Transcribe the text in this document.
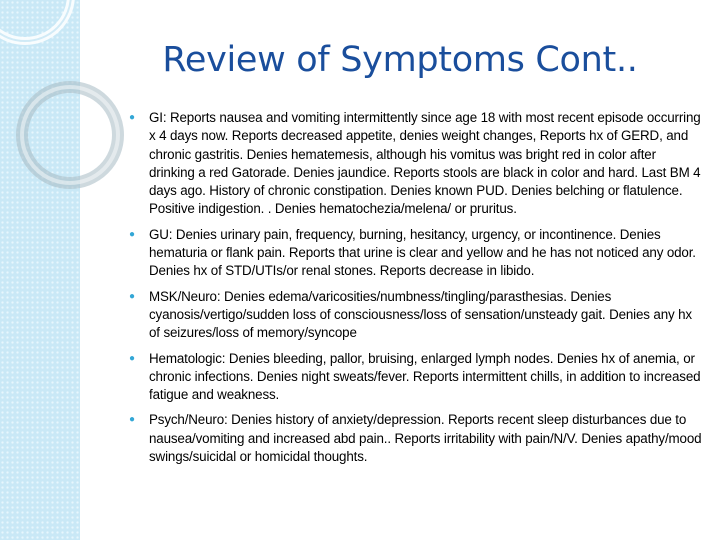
Review of Symptoms Cont..
● GI: Reports nausea and vomiting intermittently since age 18 with most recent episode occurring x 4 days now. Reports decreased appetite, denies weight changes, Reports hx of GERD, and chronic gastritis. Denies hematemesis, although his vomitus was bright red in color after drinking a red Gatorade. Denies jaundice. Reports stools are black in color and hard. Last BM 4 days ago. History of chronic constipation. Denies known PUD. Denies belching or flatulence. Positive indigestion. . Denies hematochezia/melena/ or pruritus.
● GU: Denies urinary pain, frequency, burning, hesitancy, urgency, or incontinence. Denies hematuria or flank pain. Reports that urine is clear and yellow and he has not noticed any odor. Denies hx of STD/UTIs/or renal stones. Reports decrease in libido.
● MSK/Neuro: Denies edema/varicosities/numbness/tingling/parasthesias. Denies cyanosis/vertigo/sudden loss of consciousness/loss of sensation/unsteady gait. Denies any hx of seizures/loss of memory/syncope
● Hematologic: Denies bleeding, pallor, bruising, enlarged lymph nodes. Denies hx of anemia, or chronic infections. Denies night sweats/fever. Reports intermittent chills, in addition to increased fatigue and weakness.
● Psych/Neuro: Denies history of anxiety/depression. Reports recent sleep disturbances due to nausea/vomiting and increased abd pain.. Reports irritability with pain/N/V. Denies apathy/mood swings/suicidal or homicidal thoughts.
